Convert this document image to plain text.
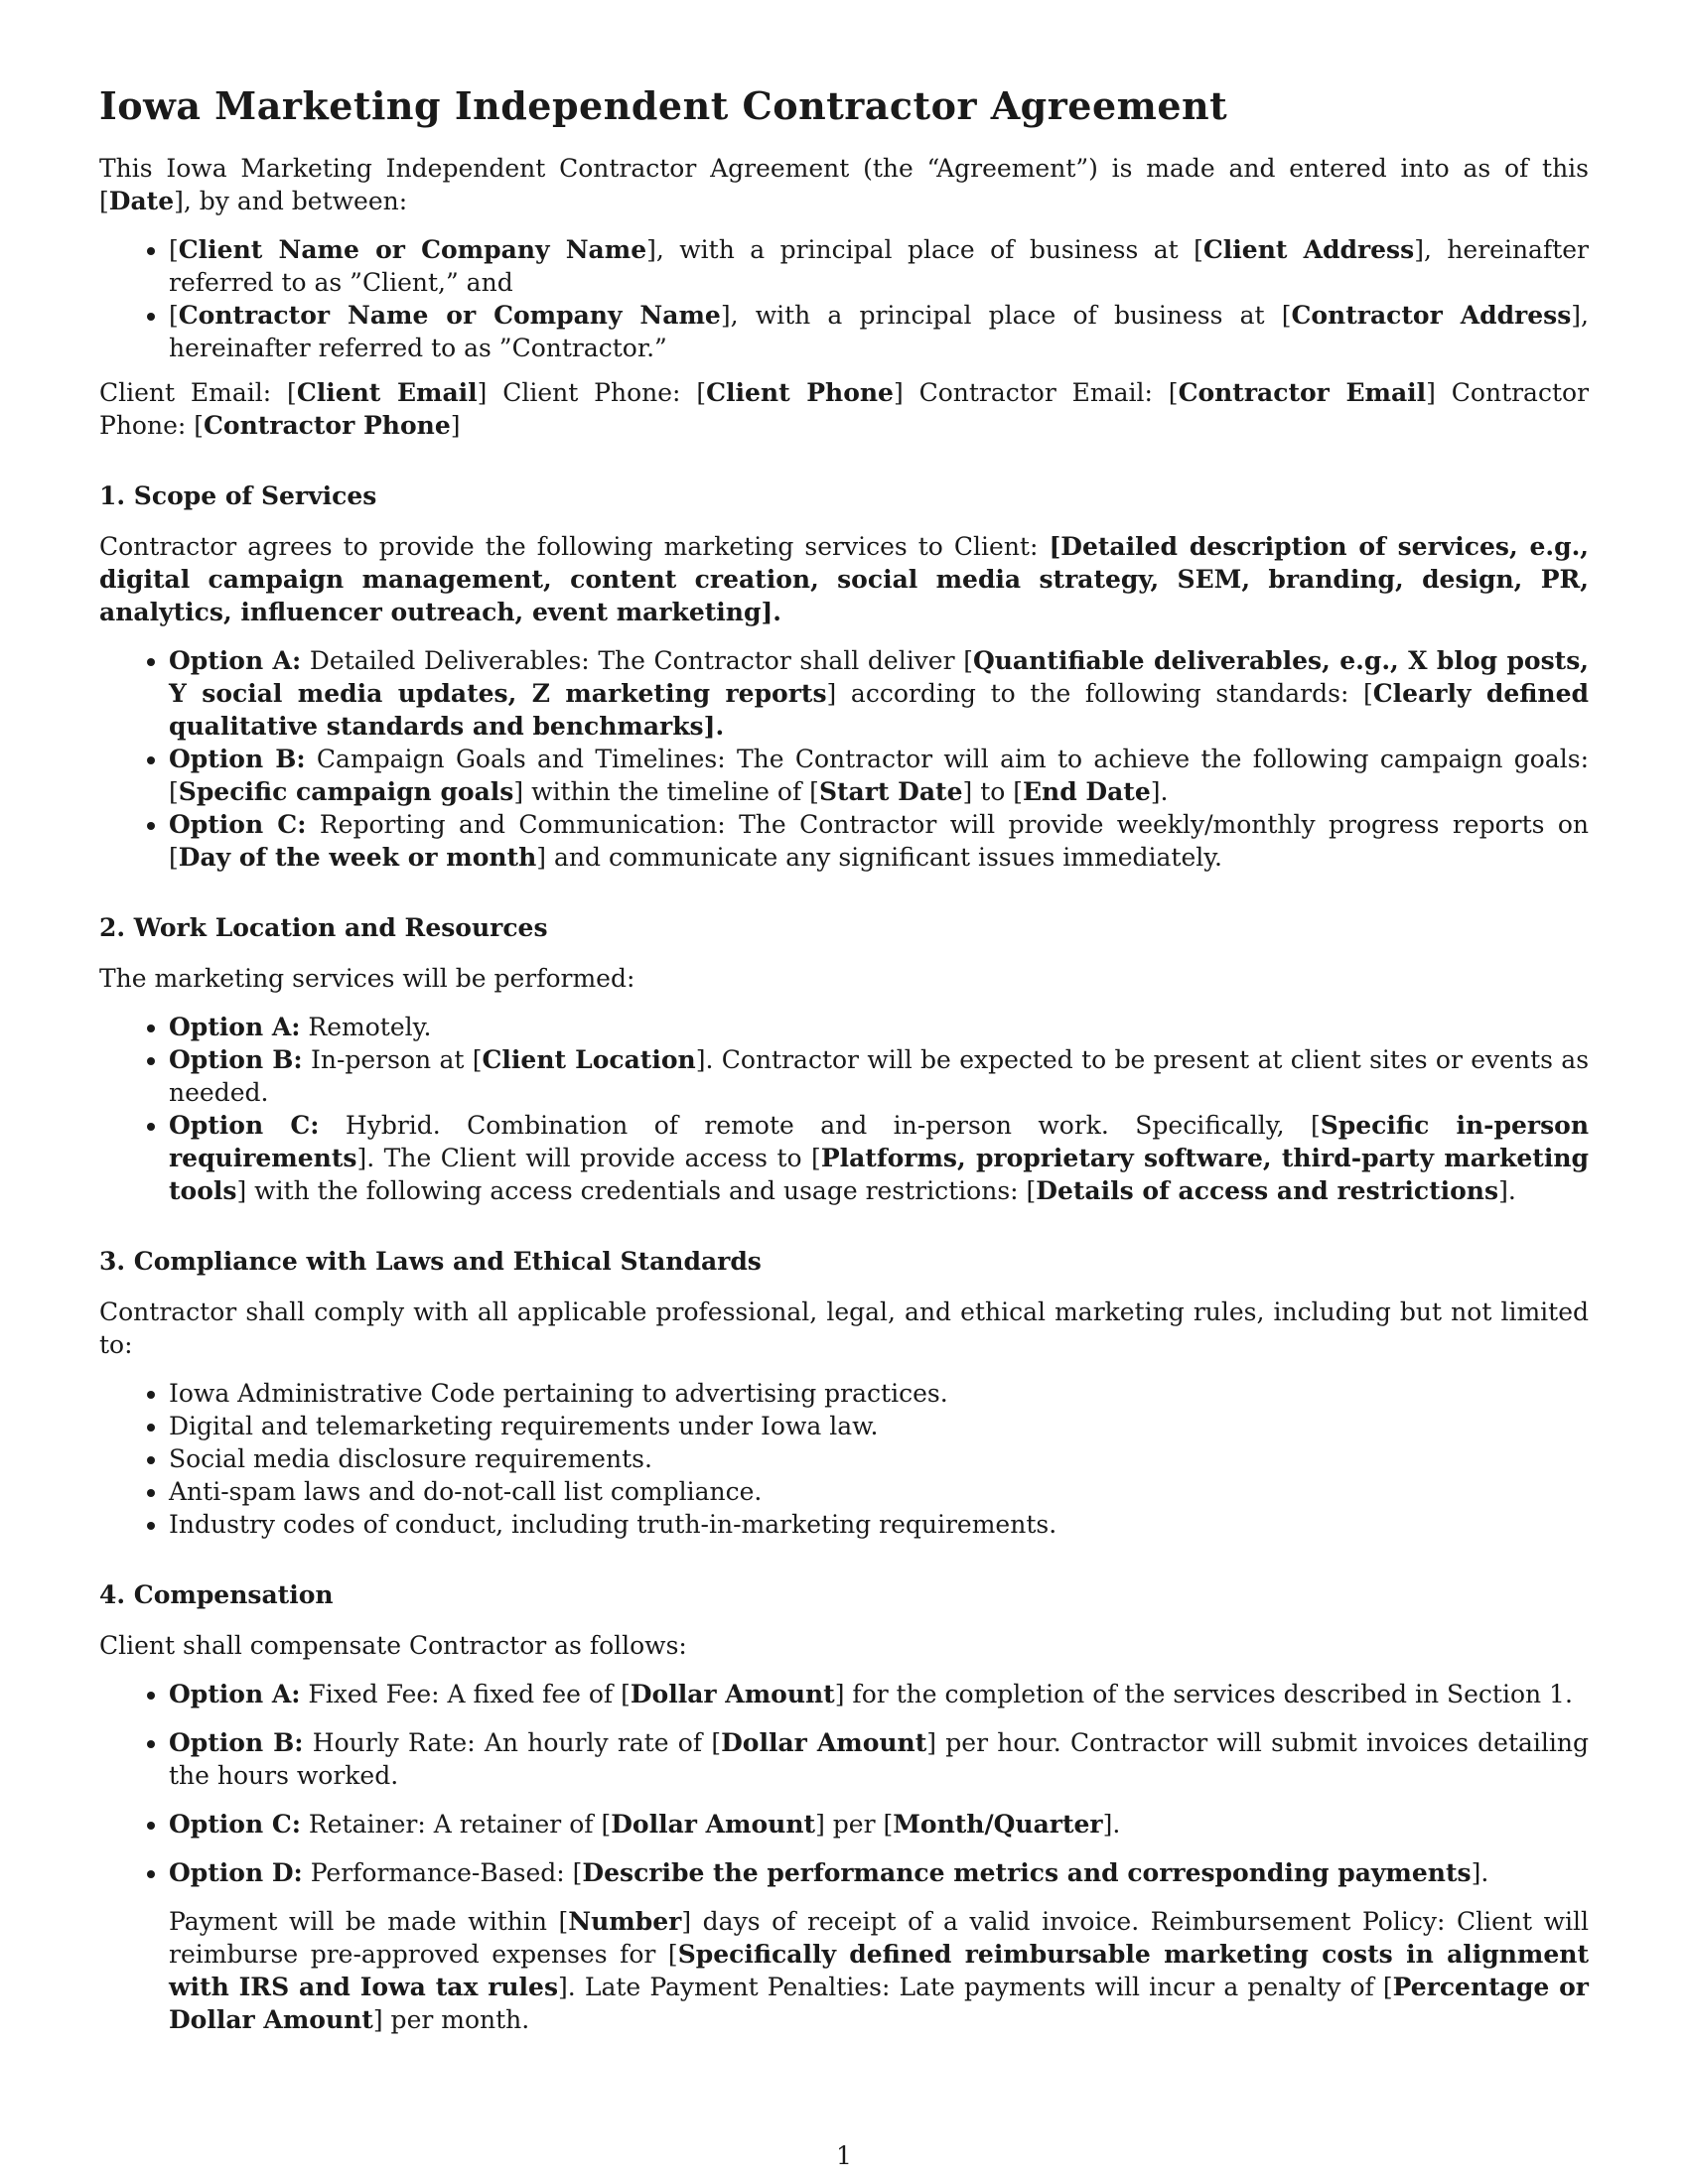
Iowa Marketing Independent Contractor Agreement

This Iowa Marketing Independent Contractor Agreement (the “Agreement”) is made and entered into as of this [Date], by and between:

• [Client Name or Company Name], with a principal place of business at [Client Address], hereinafter referred to as ”Client,” and
• [Contractor Name or Company Name], with a principal place of business at [Contractor Address], hereinafter referred to as ”Contractor.”

Client Email: [Client Email] Client Phone: [Client Phone] Contractor Email: [Contractor Email] Contractor Phone: [Contractor Phone]

1. Scope of Services

Contractor agrees to provide the following marketing services to Client: [Detailed description of services, e.g., digital campaign management, content creation, social media strategy, SEM, branding, design, PR, analytics, influencer outreach, event marketing].

• Option A: Detailed Deliverables: The Contractor shall deliver [Quantifiable deliverables, e.g., X blog posts, Y social media updates, Z marketing reports] according to the following standards: [Clearly defined qualitative standards and benchmarks].
• Option B: Campaign Goals and Timelines: The Contractor will aim to achieve the following campaign goals: [Specific campaign goals] within the timeline of [Start Date] to [End Date].
• Option C: Reporting and Communication: The Contractor will provide weekly/monthly progress reports on [Day of the week or month] and communicate any significant issues immediately.
2. Work Location and Resources

The marketing services will be performed:

• Option A: Remotely.
• Option B: In-person at [Client Location]. Contractor will be expected to be present at client sites or events as needed.
• Option C: Hybrid. Combination of remote and in-person work. Specifically, [Specific in-person requirements]. The Client will provide access to [Platforms, proprietary software, third-party marketing tools] with the following access credentials and usage restrictions: [Details of access and restrictions].
3. Compliance with Laws and Ethical Standards

Contractor shall comply with all applicable professional, legal, and ethical marketing rules, including but not limited to:

• Iowa Administrative Code pertaining to advertising practices.
• Digital and telemarketing requirements under Iowa law.
• Social media disclosure requirements.
• Anti-spam laws and do-not-call list compliance.
• Industry codes of conduct, including truth-in-marketing requirements.
4. Compensation

Client shall compensate Contractor as follows:

• Option A: Fixed Fee: A fixed fee of [Dollar Amount] for the completion of the services described in Section 1.
• Option B: Hourly Rate: An hourly rate of [Dollar Amount] per hour. Contractor will submit invoices detailing the hours worked.
• Option C: Retainer: A retainer of [Dollar Amount] per [Month/Quarter].
• Option D: Performance-Based: [Describe the performance metrics and corresponding payments].

Payment will be made within [Number] days of receipt of a valid invoice. Reimbursement Policy: Client will reimburse pre-approved expenses for [Specifically defined reimbursable marketing costs in alignment with IRS and Iowa tax rules]. Late Payment Penalties: Late payments will incur a penalty of [Percentage or Dollar Amount] per month.

1
